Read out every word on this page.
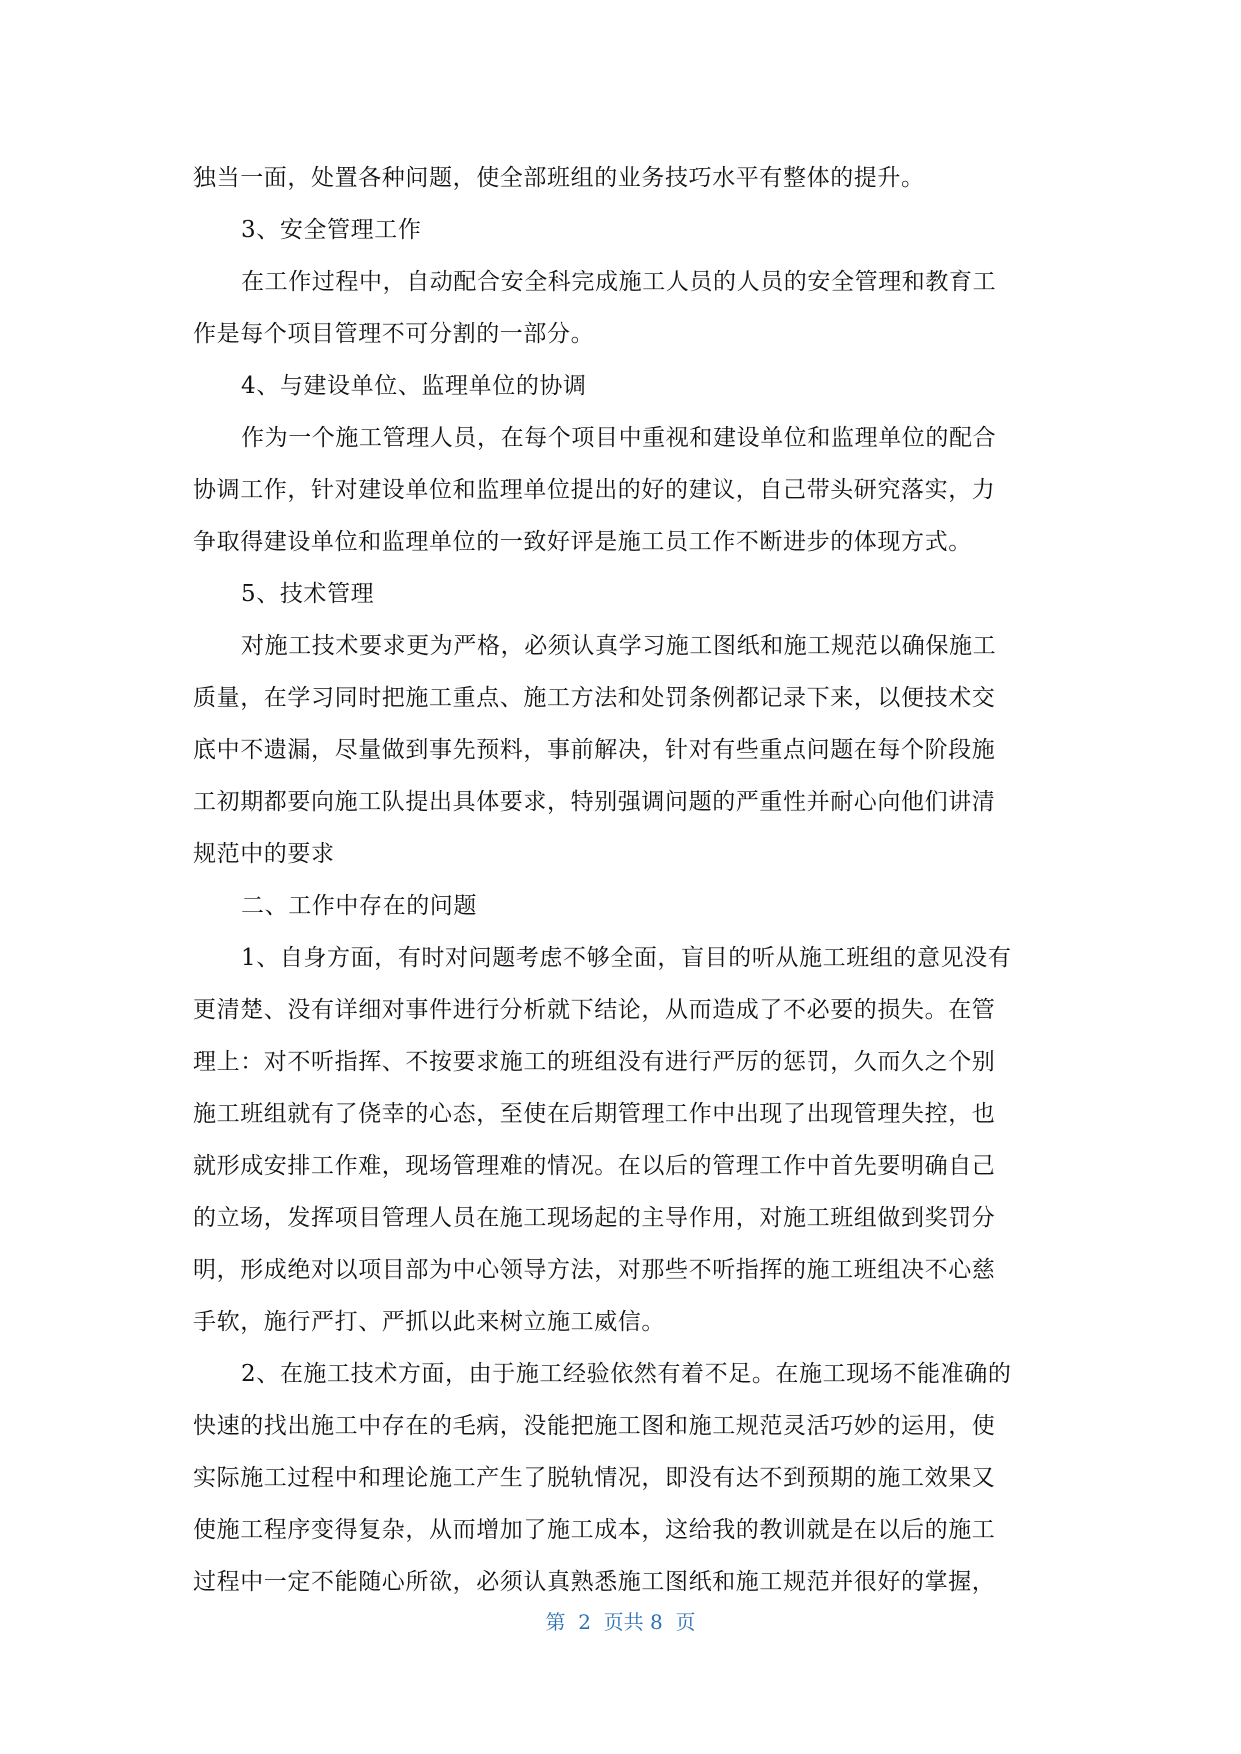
独当一面，处置各种问题，使全部班组的业务技巧水平有整体的提升。
3、安全管理工作
在工作过程中，自动配合安全科完成施工人员的人员的安全管理和教育工
作是每个项目管理不可分割的一部分。
4、与建设单位、监理单位的协调
作为一个施工管理人员，在每个项目中重视和建设单位和监理单位的配合
协调工作，针对建设单位和监理单位提出的好的建议，自己带头研究落实，力
争取得建设单位和监理单位的一致好评是施工员工作不断进步的体现方式。
5、技术管理
对施工技术要求更为严格，必须认真学习施工图纸和施工规范以确保施工
质量，在学习同时把施工重点、施工方法和处罚条例都记录下来，以便技术交
底中不遗漏，尽量做到事先预料，事前解决，针对有些重点问题在每个阶段施
工初期都要向施工队提出具体要求，特别强调问题的严重性并耐心向他们讲清
规范中的要求
二、工作中存在的问题
1、自身方面，有时对问题考虑不够全面，盲目的听从施工班组的意见没有
更清楚、没有详细对事件进行分析就下结论，从而造成了不必要的损失。在管
理上：对不听指挥、不按要求施工的班组没有进行严厉的惩罚，久而久之个别
施工班组就有了侥幸的心态，至使在后期管理工作中出现了出现管理失控，也
就形成安排工作难，现场管理难的情况。在以后的管理工作中首先要明确自己
的立场，发挥项目管理人员在施工现场起的主导作用，对施工班组做到奖罚分
明，形成绝对以项目部为中心领导方法，对那些不听指挥的施工班组决不心慈
手软，施行严打、严抓以此来树立施工威信。
2、在施工技术方面，由于施工经验依然有着不足。在施工现场不能准确的
快速的找出施工中存在的毛病，没能把施工图和施工规范灵活巧妙的运用，使
实际施工过程中和理论施工产生了脱轨情况，即没有达不到预期的施工效果又
使施工程序变得复杂，从而增加了施工成本，这给我的教训就是在以后的施工
过程中一定不能随心所欲，必须认真熟悉施工图纸和施工规范并很好的掌握，
第  2  页共 8  页
